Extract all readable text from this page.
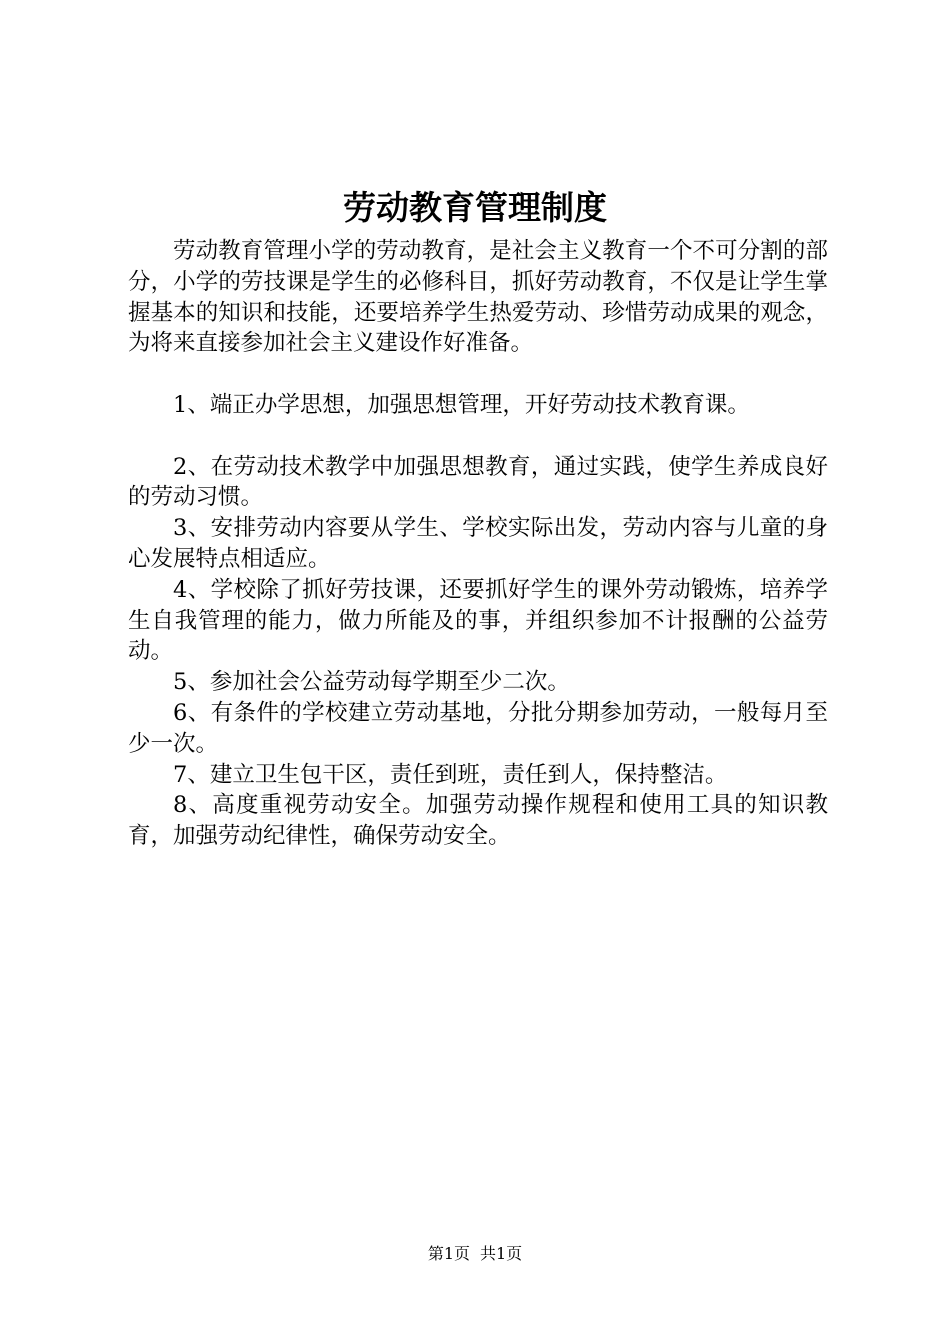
劳动教育管理制度

劳动教育管理小学的劳动教育，是社会主义教育一个不可分割的部分，小学的劳技课是学生的必修科目，抓好劳动教育，不仅是让学生掌握基本的知识和技能，还要培养学生热爱劳动、珍惜劳动成果的观念，为将来直接参加社会主义建设作好准备。

1、端正办学思想，加强思想管理，开好劳动技术教育课。

2、在劳动技术教学中加强思想教育，通过实践，使学生养成良好的劳动习惯。

3、安排劳动内容要从学生、学校实际出发，劳动内容与儿童的身心发展特点相适应。

4、学校除了抓好劳技课，还要抓好学生的课外劳动锻炼，培养学生自我管理的能力，做力所能及的事，并组织参加不计报酬的公益劳动。

5、参加社会公益劳动每学期至少二次。

6、有条件的学校建立劳动基地，分批分期参加劳动，一般每月至少一次。

7、建立卫生包干区，责任到班，责任到人，保持整洁。

8、高度重视劳动安全。加强劳动操作规程和使用工具的知识教育，加强劳动纪律性，确保劳动安全。

第1页 共1页
